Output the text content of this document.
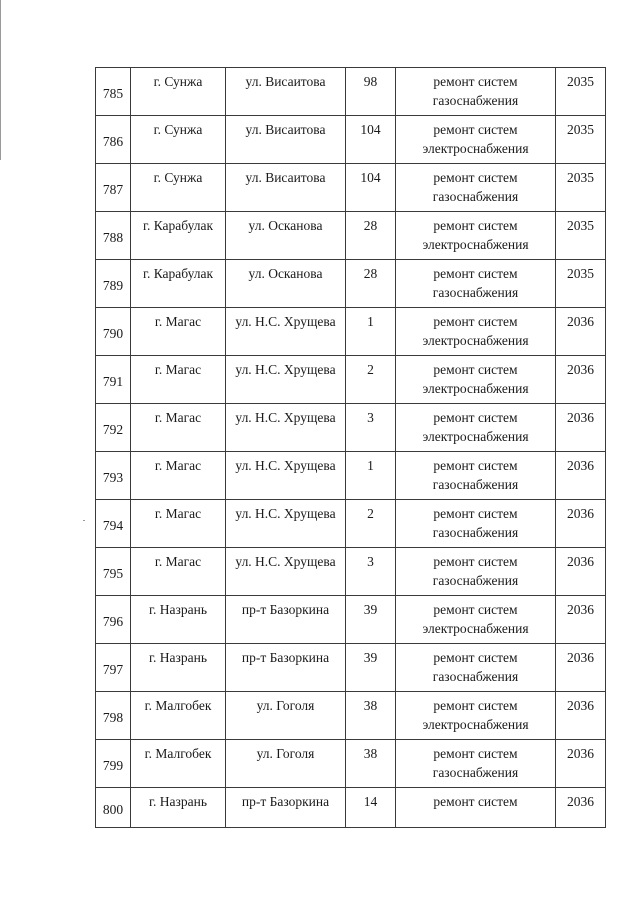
785	г. Сунжа	ул. Висаитова	98	ремонт систем газоснабжения	2035

786	г. Сунжа	ул. Висаитова	104	ремонт систем электроснабжения	2035

787	г. Сунжа	ул. Висаитова	104	ремонт систем газоснабжения	2035

788	г. Карабулак	ул. Осканова	28	ремонт систем электроснабжения	2035

789	г. Карабулак	ул. Осканова	28	ремонт систем газоснабжения	2035

790	г. Магас	ул. Н.С. Хрущева	1	ремонт систем электроснабжения	2036

791	г. Магас	ул. Н.С. Хрущева	2	ремонт систем электроснабжения	2036

792	г. Магас	ул. Н.С. Хрущева	3	ремонт систем электроснабжения	2036

793	г. Магас	ул. Н.С. Хрущева	1	ремонт систем газоснабжения	2036

794	г. Магас	ул. Н.С. Хрущева	2	ремонт систем газоснабжения	2036

795	г. Магас	ул. Н.С. Хрущева	3	ремонт систем газоснабжения	2036

796	г. Назрань	пр-т Базоркина	39	ремонт систем электроснабжения	2036

797	г. Назрань	пр-т Базоркина	39	ремонт систем газоснабжения	2036

798	г. Малгобек	ул. Гоголя	38	ремонт систем электроснабжения	2036

799	г. Малгобек	ул. Гоголя	38	ремонт систем газоснабжения	2036

800	г. Назрань	пр-т Базоркина	14	ремонт систем	2036
